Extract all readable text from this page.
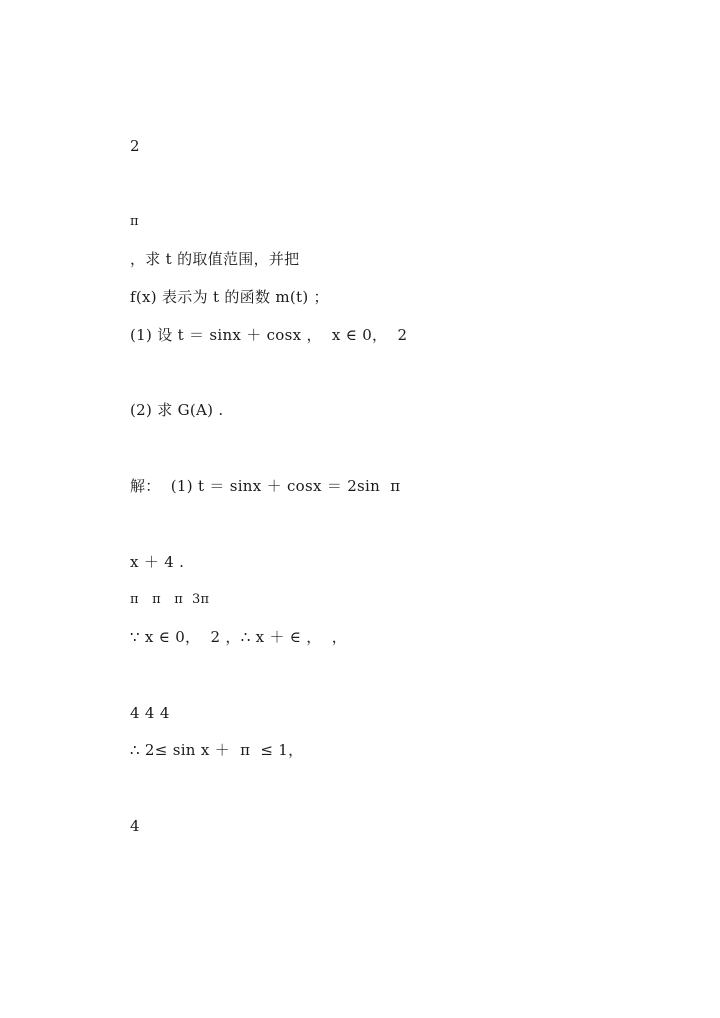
2
π
，求 t 的取值范围，并把
f(x) 表示为 t 的函数 m(t) ；
(1) 设 t ＝ sinx ＋ cosx ，  x ∈ 0，  2
(2) 求 G(A) .
解：  (1) t ＝ sinx ＋ cosx ＝ 2sin  π
x ＋ 4 .
π   π   π  3π
∵ x ∈ 0，  2 ，∴ x ＋ ∈ ，  ，
4 4 4
∴ 2≤ sin x ＋  π  ≤ 1，
4
